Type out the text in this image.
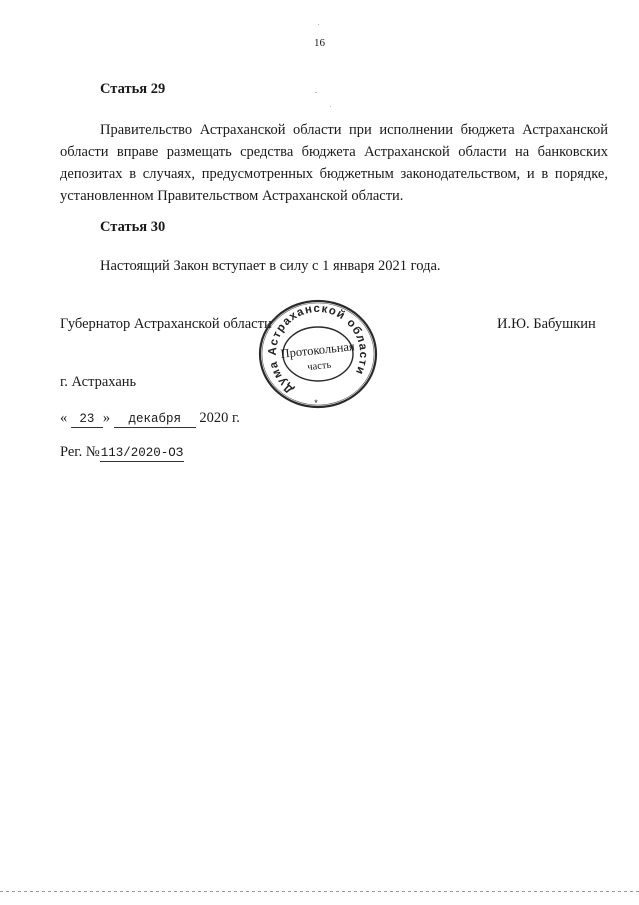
16
Статья 29
Правительство Астраханской области при исполнении бюджета Астраханской области вправе размещать средства бюджета Астраханской области на банковских депозитах в случаях, предусмотренных бюджетным законодательством, и в порядке, установленном Правительством Астраханской области.
Статья 30
Настоящий Закон вступает в силу с 1 января 2021 года.
Губернатор Астраханской области	И.Ю. Бабушкин
Дума Астраханской области
Протокольная
часть
*
г. Астрахань
« 23 » декабря 2020 г.
Рег. №113/2020-ОЗ
